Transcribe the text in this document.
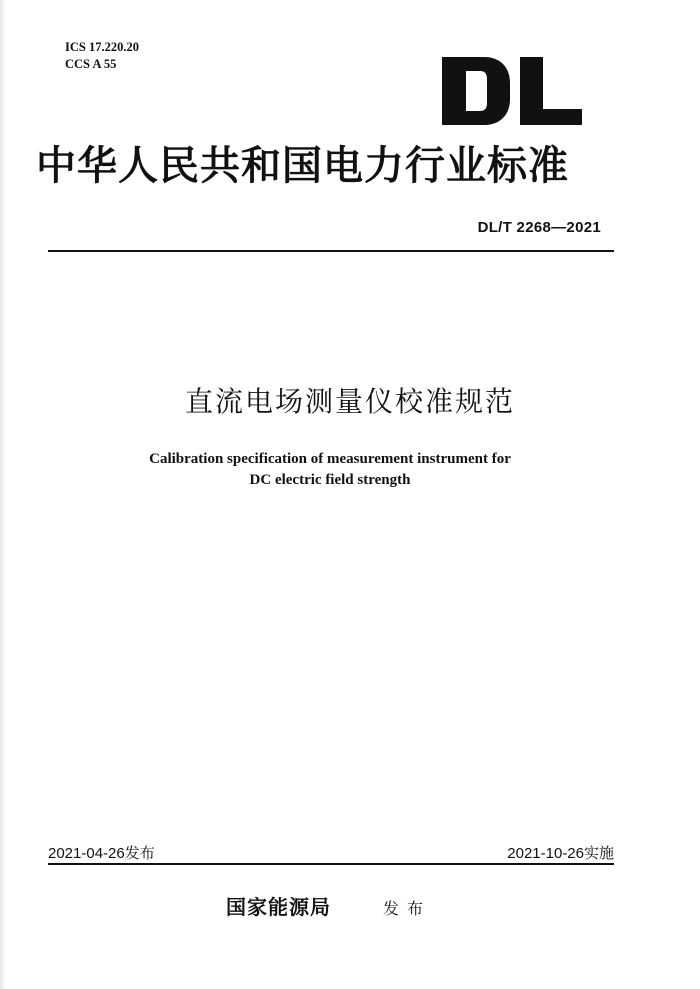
ICS 17.220.20
CCS A 55
中华人民共和国电力行业标准
DL/T 2268—2021
直流电场测量仪校准规范
Calibration specification of measurement instrument for
DC electric field strength
2021-04-26发布	2021-10-26实施
国家能源局	发布
